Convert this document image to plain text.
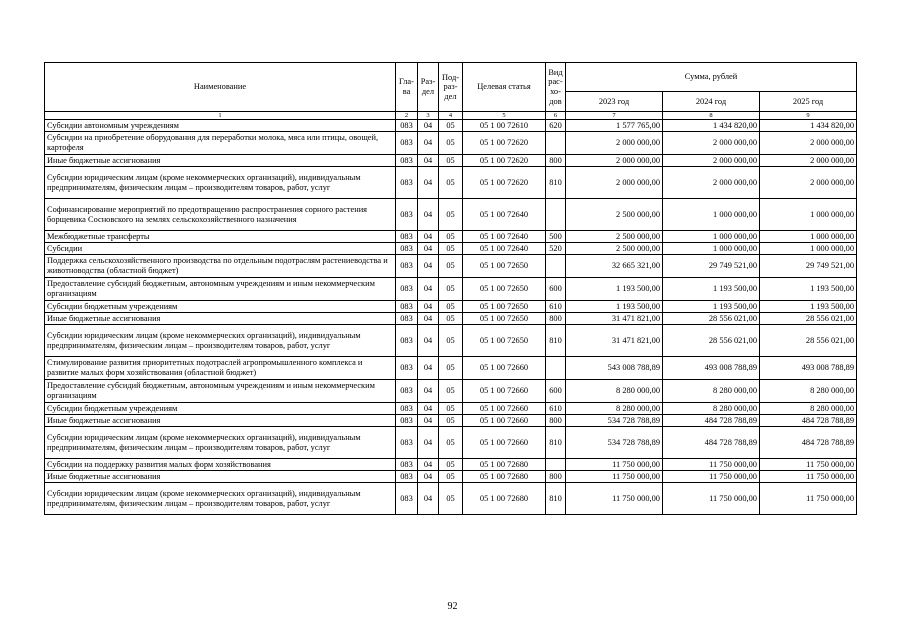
Наименование	Гла-ва	Раз-дел	Под-раз-дел	Целевая статья	Вид рас-хо-дов	Сумма, рублей		
						2023 год	2024 год	2025 год
1	2	3	4	5	6	7	8	9
Субсидии автономным учреждениям	083	04	05	05 1 00 72610	620	1 577 765,00	1 434 820,00	1 434 820,00
Субсидии на приобретение оборудования для переработки молока, мяса или птицы, овощей, картофеля	083	04	05	05 1 00 72620		2 000 000,00	2 000 000,00	2 000 000,00
Иные бюджетные ассигнования	083	04	05	05 1 00 72620	800	2 000 000,00	2 000 000,00	2 000 000,00
Субсидии юридическим лицам (кроме некоммерческих организаций), индивидуальным предпринимателям, физическим лицам – производителям товаров, работ, услуг	083	04	05	05 1 00 72620	810	2 000 000,00	2 000 000,00	2 000 000,00
Софинансирование мероприятий по предотвращению распространения сорного растения борщевика Сосновского на землях сельскохозяйственного назначения	083	04	05	05 1 00 72640		2 500 000,00	1 000 000,00	1 000 000,00
Межбюджетные трансферты	083	04	05	05 1 00 72640	500	2 500 000,00	1 000 000,00	1 000 000,00
Субсидии	083	04	05	05 1 00 72640	520	2 500 000,00	1 000 000,00	1 000 000,00
Поддержка сельскохозяйственного производства по отдельным подотраслям растениеводства и животноводства (областной бюджет)	083	04	05	05 1 00 72650		32 665 321,00	29 749 521,00	29 749 521,00
Предоставление субсидий бюджетным, автономным учреждениям и иным некоммерческим организациям	083	04	05	05 1 00 72650	600	1 193 500,00	1 193 500,00	1 193 500,00
Субсидии бюджетным учреждениям	083	04	05	05 1 00 72650	610	1 193 500,00	1 193 500,00	1 193 500,00
Иные бюджетные ассигнования	083	04	05	05 1 00 72650	800	31 471 821,00	28 556 021,00	28 556 021,00
Субсидии юридическим лицам (кроме некоммерческих организаций), индивидуальным предпринимателям, физическим лицам – производителям товаров, работ, услуг	083	04	05	05 1 00 72650	810	31 471 821,00	28 556 021,00	28 556 021,00
Стимулирование развития приоритетных подотраслей агропромышленного комплекса и развитие малых форм хозяйствования (областной бюджет)	083	04	05	05 1 00 72660		543 008 788,89	493 008 788,89	493 008 788,89
Предоставление субсидий бюджетным, автономным учреждениям и иным некоммерческим организациям	083	04	05	05 1 00 72660	600	8 280 000,00	8 280 000,00	8 280 000,00
Субсидии бюджетным учреждениям	083	04	05	05 1 00 72660	610	8 280 000,00	8 280 000,00	8 280 000,00
Иные бюджетные ассигнования	083	04	05	05 1 00 72660	800	534 728 788,89	484 728 788,89	484 728 788,89
Субсидии юридическим лицам (кроме некоммерческих организаций), индивидуальным предпринимателям, физическим лицам – производителям товаров, работ, услуг	083	04	05	05 1 00 72660	810	534 728 788,89	484 728 788,89	484 728 788,89
Субсидии на поддержку развития малых форм хозяйствования	083	04	05	05 1 00 72680		11 750 000,00	11 750 000,00	11 750 000,00
Иные бюджетные ассигнования	083	04	05	05 1 00 72680	800	11 750 000,00	11 750 000,00	11 750 000,00
Субсидии юридическим лицам (кроме некоммерческих организаций), индивидуальным предпринимателям, физическим лицам – производителям товаров, работ, услуг	083	04	05	05 1 00 72680	810	11 750 000,00	11 750 000,00	11 750 000,00
92
